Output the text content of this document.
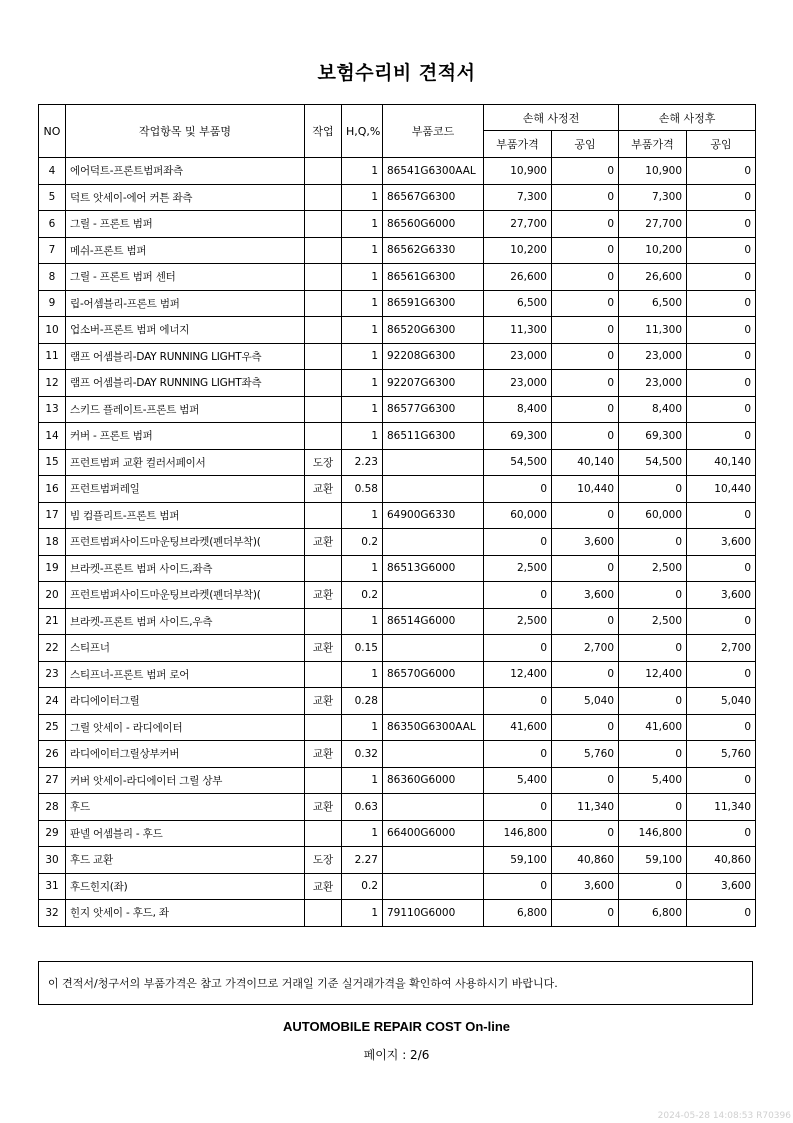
보험수리비 견적서
NO	작업항목 및 부품명	작업	H,Q,%	부품코드	손해 사정전		손해 사정후	
					부품가격	공임	부품가격	공임
4	에어덕트-프론트범퍼좌측		1	86541G6300AAL	10,900	0	10,900	0
5	덕트 앗세이-에어 커튼 좌측		1	86567G6300	7,300	0	7,300	0
6	그릴 - 프론트 범퍼		1	86560G6000	27,700	0	27,700	0
7	메쉬-프론트 범퍼		1	86562G6330	10,200	0	10,200	0
8	그릴 - 프론트 범퍼 센터		1	86561G6300	26,600	0	26,600	0
9	립-어셈블리-프론트 범퍼		1	86591G6300	6,500	0	6,500	0
10	업소버-프론트 범퍼 에너지		1	86520G6300	11,300	0	11,300	0
11	램프 어셈블리-DAY RUNNING LIGHT우측		1	92208G6300	23,000	0	23,000	0
12	램프 어셈블리-DAY RUNNING LIGHT좌측		1	92207G6300	23,000	0	23,000	0
13	스키드 플레이트-프론트 범퍼		1	86577G6300	8,400	0	8,400	0
14	커버 - 프론트 범퍼		1	86511G6300	69,300	0	69,300	0
15	프런트범퍼 교환 컬러서페이서	도장	2.23		54,500	40,140	54,500	40,140
16	프런트범퍼레일	교환	0.58		0	10,440	0	10,440
17	빔 컴플리트-프론트 범퍼		1	64900G6330	60,000	0	60,000	0
18	프런트범퍼사이드마운팅브라켓(펜더부착)(	교환	0.2		0	3,600	0	3,600
19	브라켓-프론트 범퍼 사이드,좌측		1	86513G6000	2,500	0	2,500	0
20	프런트범퍼사이드마운팅브라켓(펜더부착)(	교환	0.2		0	3,600	0	3,600
21	브라켓-프론트 범퍼 사이드,우측		1	86514G6000	2,500	0	2,500	0
22	스티프너	교환	0.15		0	2,700	0	2,700
23	스티프너-프론트 범퍼 로어		1	86570G6000	12,400	0	12,400	0
24	라디에이터그릴	교환	0.28		0	5,040	0	5,040
25	그릴 앗세이 - 라디에이터		1	86350G6300AAL	41,600	0	41,600	0
26	라디에이터그릴상부커버	교환	0.32		0	5,760	0	5,760
27	커버 앗세이-라디에이터 그릴 상부		1	86360G6000	5,400	0	5,400	0
28	후드	교환	0.63		0	11,340	0	11,340
29	판넬 어셈블리 - 후드		1	66400G6000	146,800	0	146,800	0
30	후드 교환	도장	2.27		59,100	40,860	59,100	40,860
31	후드힌지(좌)	교환	0.2		0	3,600	0	3,600
32	힌지 앗세이 - 후드, 좌		1	79110G6000	6,800	0	6,800	0
이 견적서/청구서의 부품가격은 참고 가격이므로 거래일 기준 실거래가격을 확인하여 사용하시기 바랍니다.
AUTOMOBILE REPAIR COST On-line
페이지 : 2/6
2024-05-28 14:08:53 R70396
